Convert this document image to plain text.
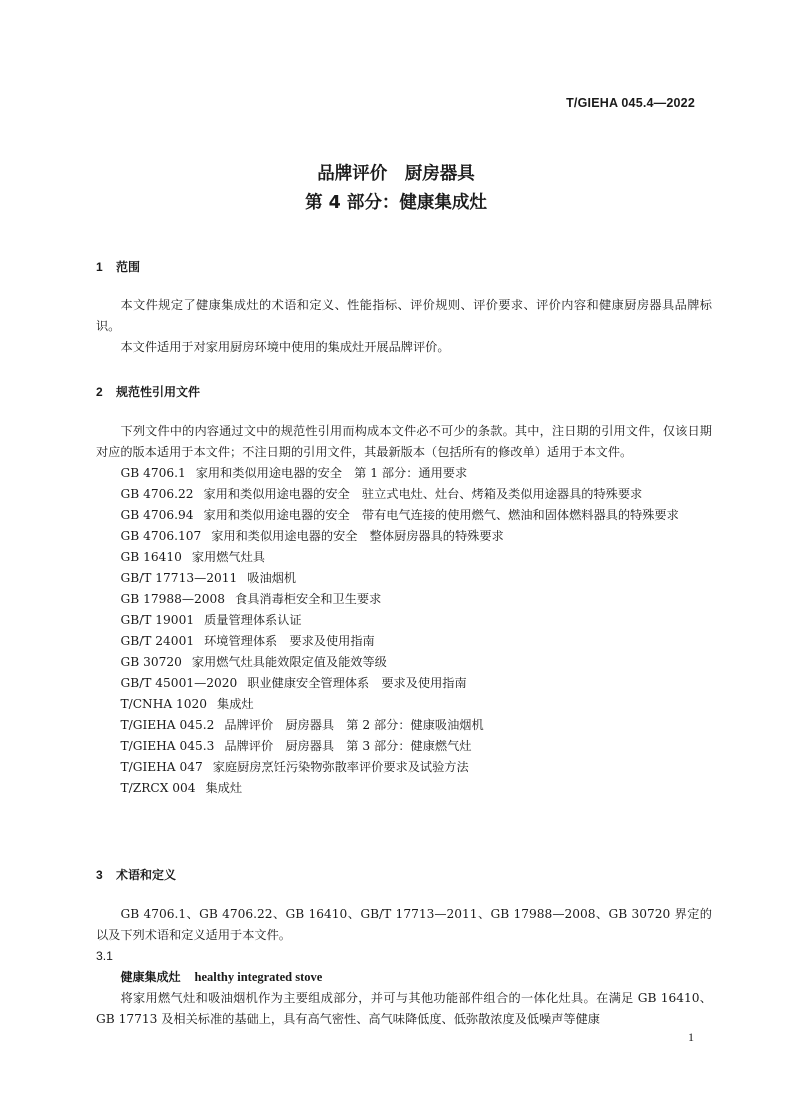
T/GIEHA 045.4—2022
品牌评价　厨房器具
第 4 部分：健康集成灶
1 范围

本文件规定了健康集成灶的术语和定义、性能指标、评价规则、评价要求、评价内容和健康厨房器具品牌标识。

本文件适用于对家用厨房环境中使用的集成灶开展品牌评价。

2 规范性引用文件

下列文件中的内容通过文中的规范性引用而构成本文件必不可少的条款。其中，注日期的引用文件，仅该日期对应的版本适用于本文件；不注日期的引用文件，其最新版本（包括所有的修改单）适用于本文件。

GB 4706.1 家用和类似用途电器的安全　第 1 部分：通用要求

GB 4706.22 家用和类似用途电器的安全　驻立式电灶、灶台、烤箱及类似用途器具的特殊要求

GB 4706.94 家用和类似用途电器的安全　带有电气连接的使用燃气、燃油和固体燃料器具的特殊要求

GB 4706.107 家用和类似用途电器的安全　整体厨房器具的特殊要求

GB 16410 家用燃气灶具

GB/T 17713—2011 吸油烟机

GB 17988—2008 食具消毒柜安全和卫生要求

GB/T 19001 质量管理体系认证

GB/T 24001 环境管理体系　要求及使用指南

GB 30720 家用燃气灶具能效限定值及能效等级

GB/T 45001—2020 职业健康安全管理体系　要求及使用指南

T/CNHA 1020 集成灶

T/GIEHA 045.2 品牌评价　厨房器具　第 2 部分：健康吸油烟机

T/GIEHA 045.3 品牌评价　厨房器具　第 3 部分：健康燃气灶

T/GIEHA 047 家庭厨房烹饪污染物弥散率评价要求及试验方法

T/ZRCX 004 集成灶

3 术语和定义

GB 4706.1、GB 4706.22、GB 16410、GB/T 17713—2011、GB 17988—2008、GB 30720 界定的以及下列术语和定义适用于本文件。

3.1

健康集成灶 healthy integrated stove

将家用燃气灶和吸油烟机作为主要组成部分，并可与其他功能部件组合的一体化灶具。在满足 GB 16410、GB 17713 及相关标准的基础上，具有高气密性、高气味降低度、低弥散浓度及低噪声等健康

1
